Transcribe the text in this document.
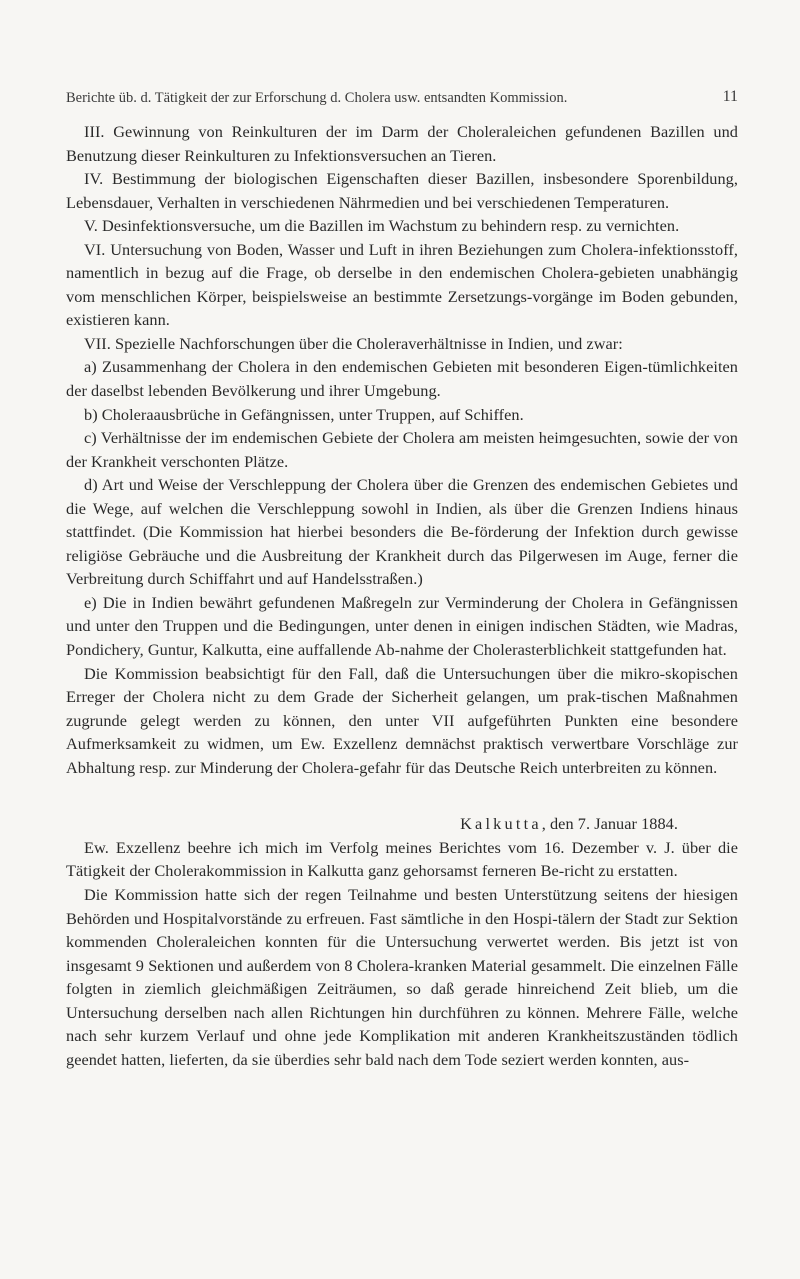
Berichte üb. d. Tätigkeit der zur Erforschung d. Cholera usw. entsandten Kommission.	11

III. Gewinnung von Reinkulturen der im Darm der Choleraleichen gefundenen Bazillen und Benutzung dieser Reinkulturen zu Infektionsversuchen an Tieren.

IV. Bestimmung der biologischen Eigenschaften dieser Bazillen, insbesondere Sporenbildung, Lebensdauer, Verhalten in verschiedenen Nährmedien und bei verschiedenen Temperaturen.

V. Desinfektionsversuche, um die Bazillen im Wachstum zu behindern resp. zu vernichten.

VI. Untersuchung von Boden, Wasser und Luft in ihren Beziehungen zum Cholera-infektionsstoff, namentlich in bezug auf die Frage, ob derselbe in den endemischen Cholera-gebieten unabhängig vom menschlichen Körper, beispielsweise an bestimmte Zersetzungs-vorgänge im Boden gebunden, existieren kann.

VII. Spezielle Nachforschungen über die Choleraverhältnisse in Indien, und zwar:

a) Zusammenhang der Cholera in den endemischen Gebieten mit besonderen Eigen-tümlichkeiten der daselbst lebenden Bevölkerung und ihrer Umgebung.

b) Choleraausbrüche in Gefängnissen, unter Truppen, auf Schiffen.

c) Verhältnisse der im endemischen Gebiete der Cholera am meisten heimgesuchten, sowie der von der Krankheit verschonten Plätze.

d) Art und Weise der Verschleppung der Cholera über die Grenzen des endemischen Gebietes und die Wege, auf welchen die Verschleppung sowohl in Indien, als über die Grenzen Indiens hinaus stattfindet. (Die Kommission hat hierbei besonders die Be-förderung der Infektion durch gewisse religiöse Gebräuche und die Ausbreitung der Krankheit durch das Pilgerwesen im Auge, ferner die Verbreitung durch Schiffahrt und auf Handelsstraßen.)

e) Die in Indien bewährt gefundenen Maßregeln zur Verminderung der Cholera in Gefängnissen und unter den Truppen und die Bedingungen, unter denen in einigen indischen Städten, wie Madras, Pondichery, Guntur, Kalkutta, eine auffallende Ab-nahme der Cholerasterblichkeit stattgefunden hat.

Die Kommission beabsichtigt für den Fall, daß die Untersuchungen über die mikro-skopischen Erreger der Cholera nicht zu dem Grade der Sicherheit gelangen, um prak-tischen Maßnahmen zugrunde gelegt werden zu können, den unter VII aufgeführten Punkten eine besondere Aufmerksamkeit zu widmen, um Ew. Exzellenz demnächst praktisch verwertbare Vorschläge zur Abhaltung resp. zur Minderung der Cholera-gefahr für das Deutsche Reich unterbreiten zu können.

Kalkutta, den 7. Januar 1884.

Ew. Exzellenz beehre ich mich im Verfolg meines Berichtes vom 16. Dezember v. J. über die Tätigkeit der Cholerakommission in Kalkutta ganz gehorsamst ferneren Be-richt zu erstatten.

Die Kommission hatte sich der regen Teilnahme und besten Unterstützung seitens der hiesigen Behörden und Hospitalvorstände zu erfreuen. Fast sämtliche in den Hospi-tälern der Stadt zur Sektion kommenden Choleraleichen konnten für die Untersuchung verwertet werden. Bis jetzt ist von insgesamt 9 Sektionen und außerdem von 8 Cholera-kranken Material gesammelt. Die einzelnen Fälle folgten in ziemlich gleichmäßigen Zeiträumen, so daß gerade hinreichend Zeit blieb, um die Untersuchung derselben nach allen Richtungen hin durchführen zu können. Mehrere Fälle, welche nach sehr kurzem Verlauf und ohne jede Komplikation mit anderen Krankheitszuständen tödlich geendet hatten, lieferten, da sie überdies sehr bald nach dem Tode seziert werden konnten, aus-
